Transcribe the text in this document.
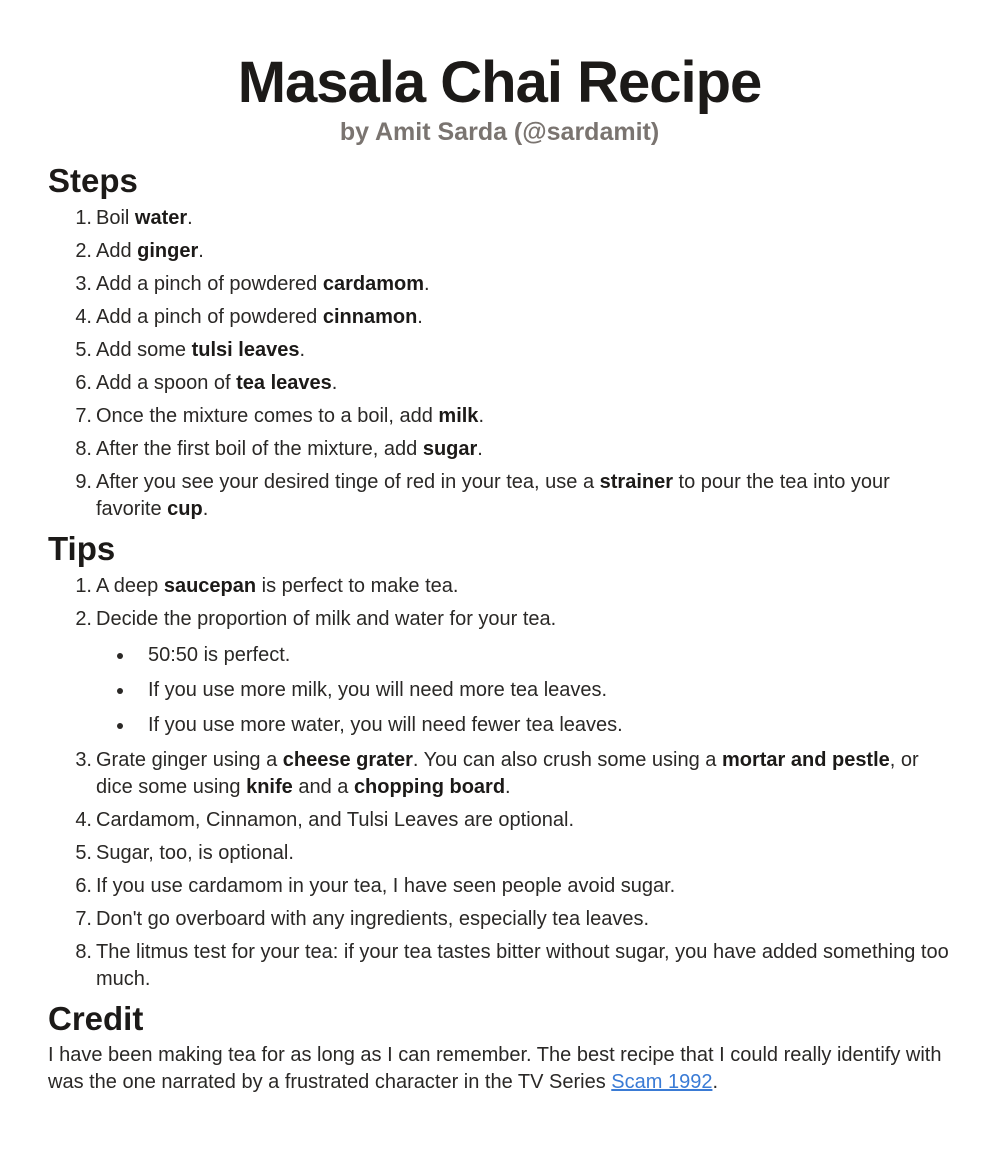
Masala Chai Recipe
by Amit Sarda (@sardamit)
Steps
1. Boil water.
2. Add ginger.
3. Add a pinch of powdered cardamom.
4. Add a pinch of powdered cinnamon.
5. Add some tulsi leaves.
6. Add a spoon of tea leaves.
7. Once the mixture comes to a boil, add milk.
8. After the first boil of the mixture, add sugar.
9. After you see your desired tinge of red in your tea, use a strainer to pour the tea into your favorite cup.
Tips
1. A deep saucepan is perfect to make tea.
2. Decide the proportion of milk and water for your tea.
50:50 is perfect.
If you use more milk, you will need more tea leaves.
If you use more water, you will need fewer tea leaves.
3. Grate ginger using a cheese grater. You can also crush some using a mortar and pestle, or dice some using knife and a chopping board.
4. Cardamom, Cinnamon, and Tulsi Leaves are optional.
5. Sugar, too, is optional.
6. If you use cardamom in your tea, I have seen people avoid sugar.
7. Don't go overboard with any ingredients, especially tea leaves.
8. The litmus test for your tea: if your tea tastes bitter without sugar, you have added something too much.
Credit

I have been making tea for as long as I can remember. The best recipe that I could really identify with was the one narrated by a frustrated character in the TV Series Scam 1992.
